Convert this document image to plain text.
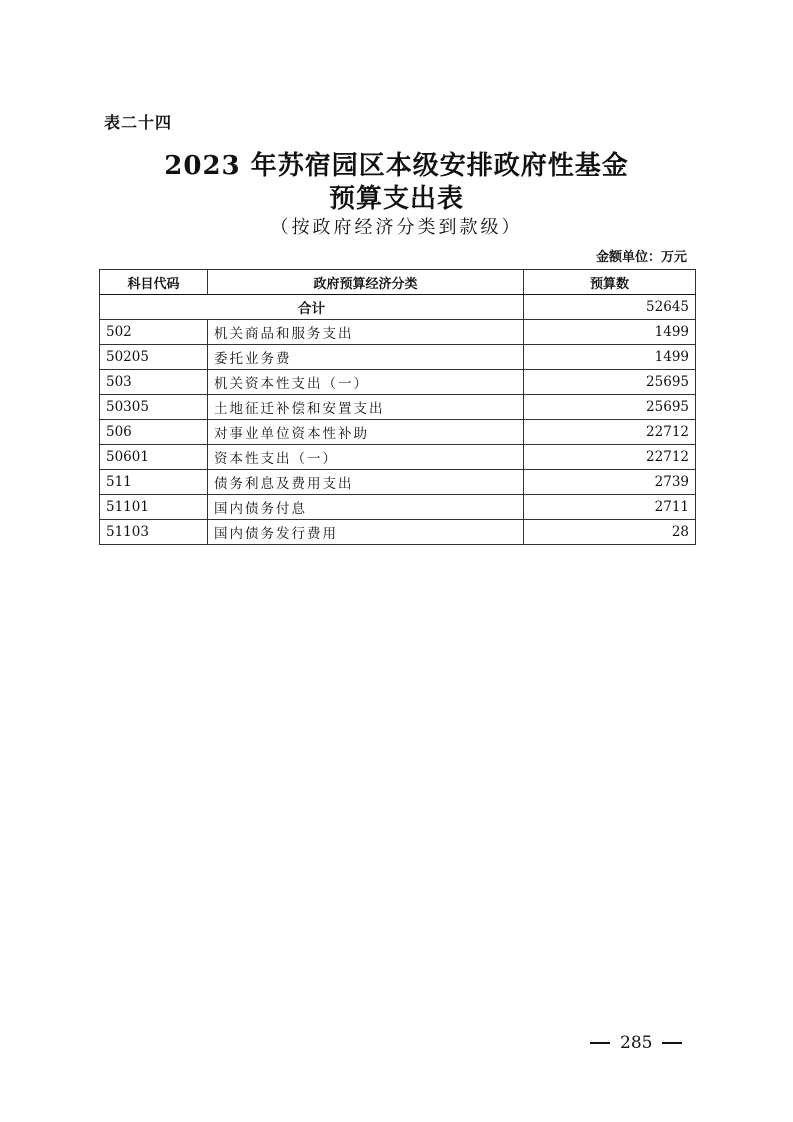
表二十四
2023 年苏宿园区本级安排政府性基金
预算支出表
（按政府经济分类到款级）
金额单位：万元
科目代码	政府预算经济分类	预算数
合计		52645
502	机关商品和服务支出	1499
50205	委托业务费	1499
503	机关资本性支出（一）	25695
50305	土地征迁补偿和安置支出	25695
506	对事业单位资本性补助	22712
50601	资本性支出（一）	22712
511	债务利息及费用支出	2739
51101	国内债务付息	2711
51103	国内债务发行费用	28
285
